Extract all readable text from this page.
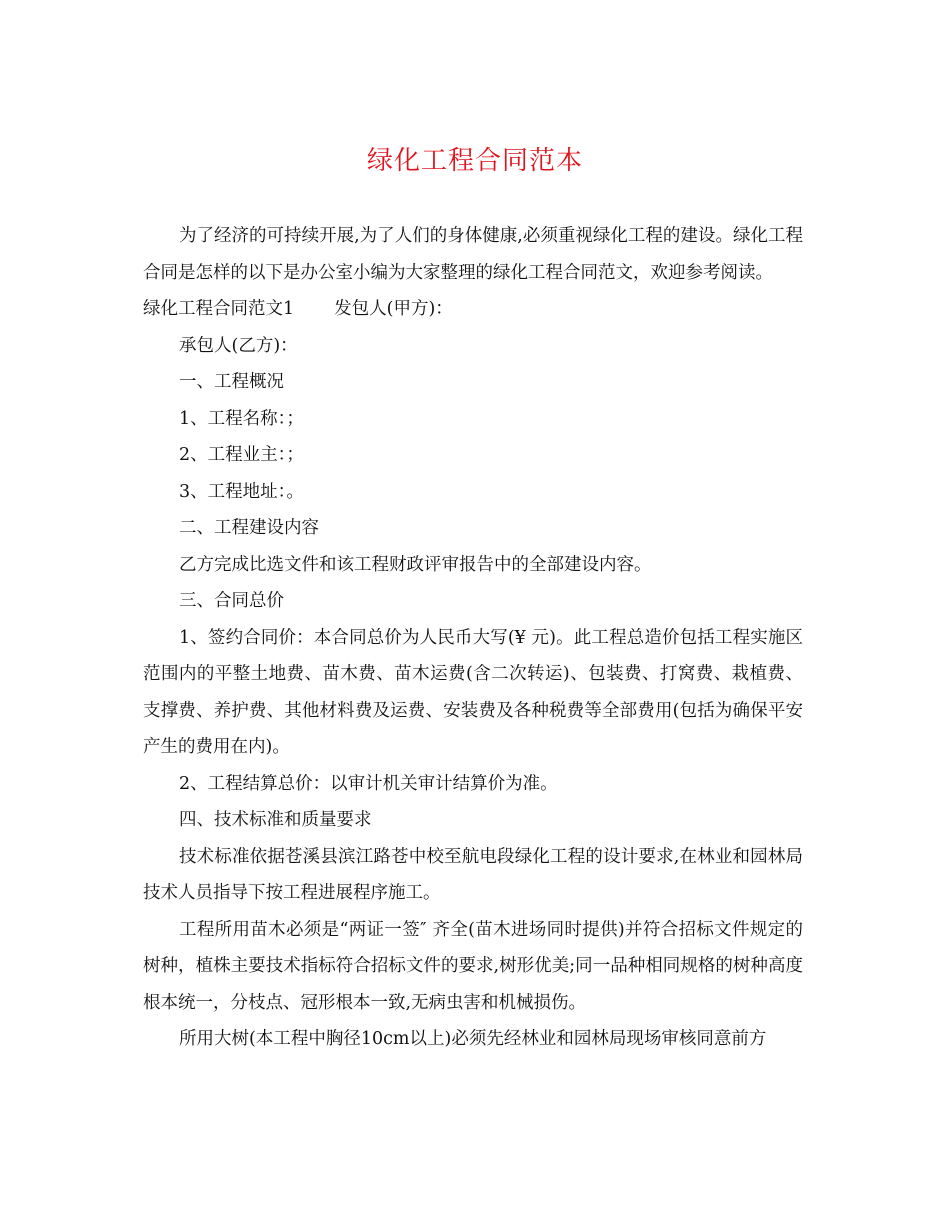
绿化工程合同范本

为了经济的可持续开展,为了人们的身体健康,必须重视绿化工程的建设。绿化工程合同是怎样的以下是办公室小编为大家整理的绿化工程合同范文，欢迎参考阅读。

绿化工程合同范文1 发包人(甲方)：

承包人(乙方)：

一、工程概况

1、工程名称：；

2、工程业主：；

3、工程地址：。

二、工程建设内容

乙方完成比选文件和该工程财政评审报告中的全部建设内容。

三、合同总价

1、签约合同价：本合同总价为人民币大写(¥ 元)。此工程总造价包括工程实施区范围内的平整土地费、苗木费、苗木运费(含二次转运)、包装费、打窝费、栽植费、支撑费、养护费、其他材料费及运费、安装费及各种税费等全部费用(包括为确保平安产生的费用在内)。

2、工程结算总价：以审计机关审计结算价为准。

四、技术标准和质量要求

技术标准依据苍溪县滨江路苍中校至航电段绿化工程的设计要求,在林业和园林局技术人员指导下按工程进展程序施工。

工程所用苗木必须是“两证一签″ 齐全(苗木进场同时提供)并符合招标文件规定的树种，植株主要技术指标符合招标文件的要求,树形优美;同一品种相同规格的树种高度根本统一，分枝点、冠形根本一致,无病虫害和机械损伤。

所用大树(本工程中胸径10cm以上)必须先经林业和园林局现场审核同意前方
